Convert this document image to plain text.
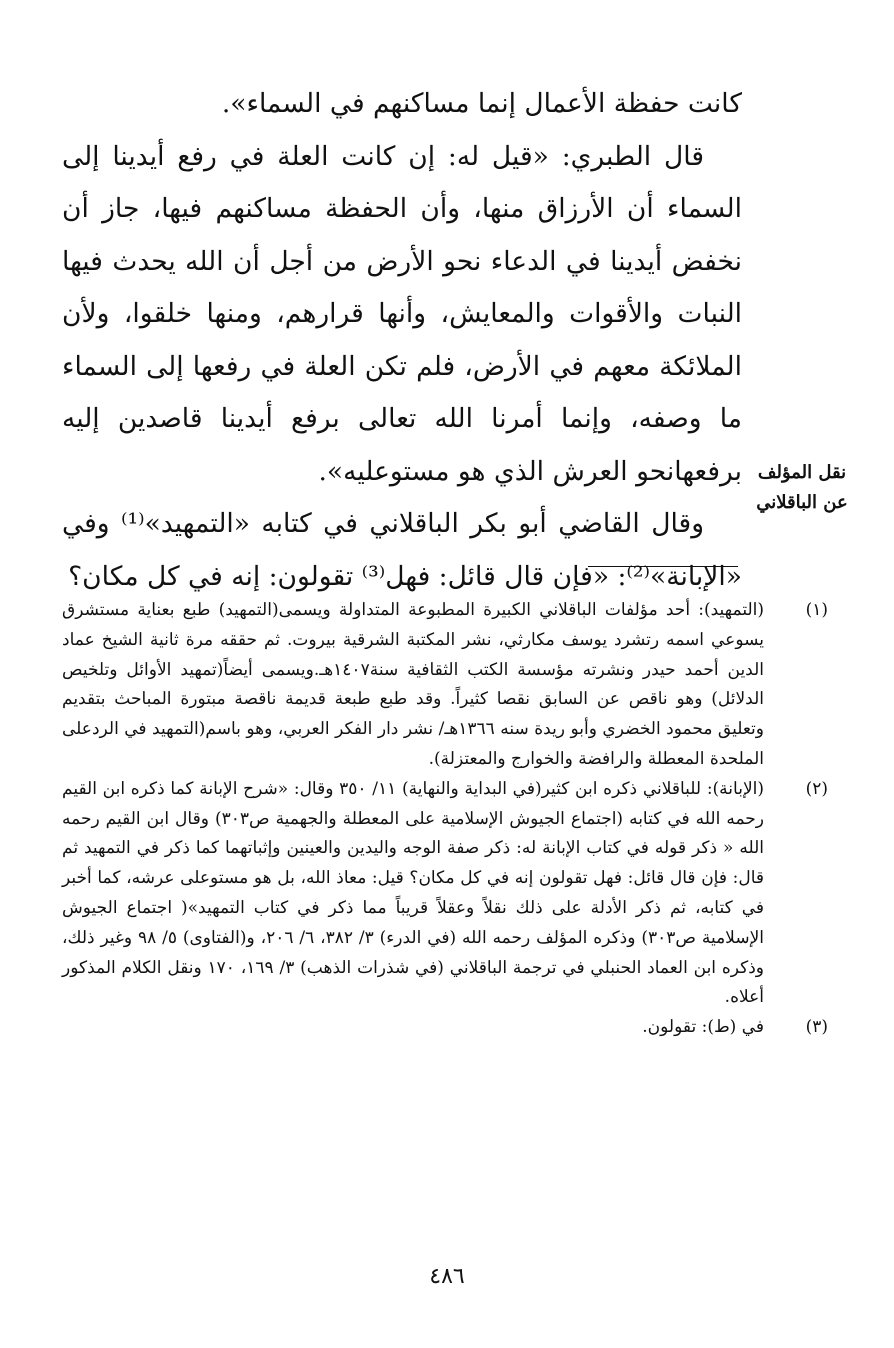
كانت حفظة الأعمال إنما مساكنهم في السماء».

قال الطبري: «قيل له: إن كانت العلة في رفع أيدينا إلى السماء أن الأرزاق منها، وأن الحفظة مساكنهم فيها، جاز أن نخفض أيدينا في الدعاء نحو الأرض من أجل أن الله يحدث فيها النبات والأقوات والمعايش، وأنها قرارهم، ومنها خلقوا، ولأن الملائكة معهم في الأرض، فلم تكن العلة في رفعها إلى السماء ما وصفه، وإنما أمرنا الله تعالى برفع أيدينا قاصدين إليه برفعهانحو العرش الذي هو مستوعليه».

وقال القاضي أبو بكر الباقلاني في كتابه «التمهيد»⁽¹⁾ وفي «الإبانة»⁽²⁾: «فإن قال قائل: فهل⁽³⁾ تقولون: إنه في كل مكان؟

نقل المؤلف
عن الباقلاني
(١)
(التمهيد): أحد مؤلفات الباقلاني الكبيرة المطبوعة المتداولة ويسمى(التمهيد) طبع بعناية مستشرق يسوعي اسمه رتشرد يوسف مكارثي، نشر المكتبة الشرقية بيروت. ثم حققه مرة ثانية الشيخ عماد الدين أحمد حيدر ونشرته مؤسسة الكتب الثقافية سنة١٤٠٧هـ.ويسمى أيضاً(تمهيد الأوائل وتلخيص الدلائل) وهو ناقص عن السابق نقصا كثيراً. وقد طبع طبعة قديمة ناقصة مبتورة المباحث بتقديم وتعليق محمود الخضري وأبو ريدة سنه ١٣٦٦هـ/ نشر دار الفكر العربي، وهو باسم(التمهيد في الردعلى الملحدة المعطلة والرافضة والخوارج والمعتزلة).
(٢)
(الإبانة): للباقلاني ذكره ابن كثير(في البداية والنهاية) ١١/ ٣٥٠ وقال: «شرح الإبانة كما ذكره ابن القيم رحمه الله في كتابه (اجتماع الجيوش الإسلامية على المعطلة والجهمية ص٣٠٣) وقال ابن القيم رحمه الله « ذكر قوله في كتاب الإبانة له: ذكر صفة الوجه واليدين والعينين وإثباتهما كما ذكر في التمهيد ثم قال: فإن قال قائل: فهل تقولون إنه في كل مكان؟ قيل: معاذ الله، بل هو مستوعلى عرشه، كما أخبر في كتابه، ثم ذكر الأدلة على ذلك نقلاً وعقلاً قريباً مما ذكر في كتاب التمهيد»( اجتماع الجيوش الإسلامية ص٣٠٣) وذكره المؤلف رحمه الله (في الدرء) ٣/ ٣٨٢، ٦/ ٢٠٦، و(الفتاوى) ٥/ ٩٨ وغير ذلك، وذكره ابن العماد الحنبلي في ترجمة الباقلاني (في شذرات الذهب) ٣/ ١٦٩، ١٧٠ ونقل الكلام المذكور أعلاه.
(٣)
في (ط): تقولون.
٤٨٦
